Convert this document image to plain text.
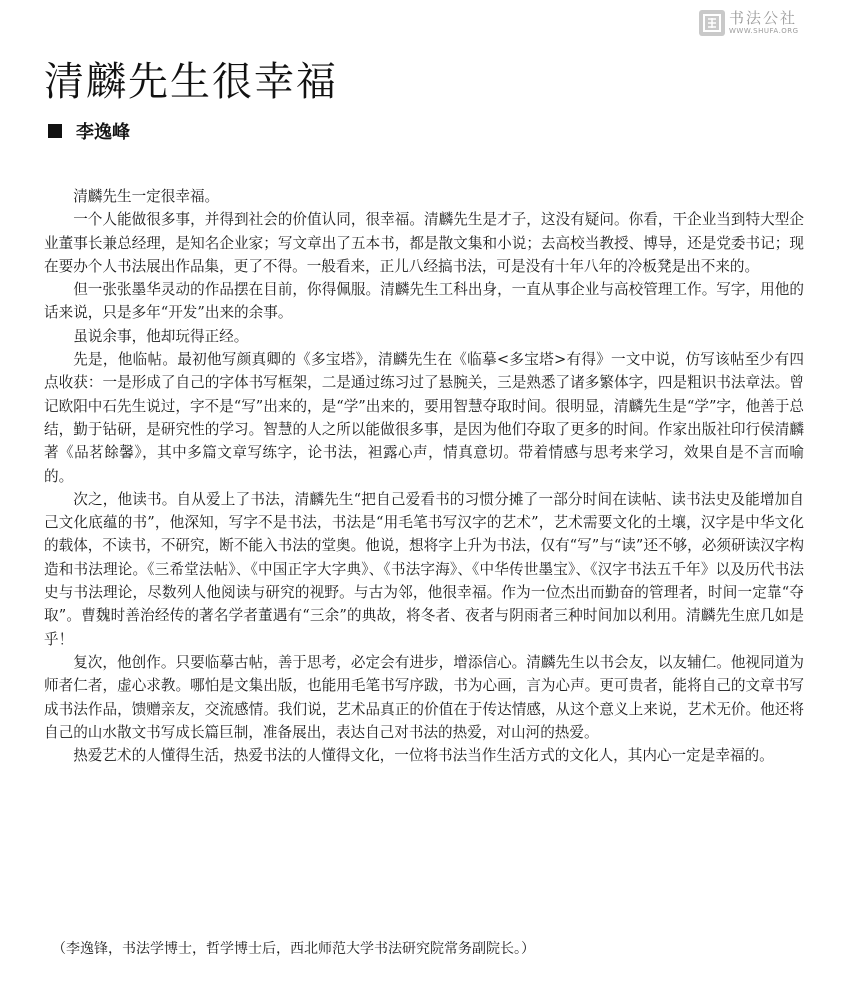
书法公社
WWW.SHUFA.ORG
清麟先生很幸福
李逸峰

清麟先生一定很幸福。

一个人能做很多事，并得到社会的价值认同，很幸福。清麟先生是才子，这没有疑问。你看，干企业当到特大型企业董事长兼总经理，是知名企业家；写文章出了五本书，都是散文集和小说；去高校当教授、博导，还是党委书记；现在要办个人书法展出作品集，更了不得。一般看来，正儿八经搞书法，可是没有十年八年的冷板凳是出不来的。

但一张张墨华灵动的作品摆在目前，你得佩服。清麟先生工科出身，一直从事企业与高校管理工作。写字，用他的话来说，只是多年“开发”出来的余事。

虽说余事，他却玩得正经。

先是，他临帖。最初他写颜真卿的《多宝塔》，清麟先生在《临摹<多宝塔>有得》一文中说，仿写该帖至少有四点收获：一是形成了自己的字体书写框架，二是通过练习过了悬腕关，三是熟悉了诸多繁体字，四是粗识书法章法。曾记欧阳中石先生说过，字不是“写”出来的，是“学”出来的，要用智慧夺取时间。很明显，清麟先生是“学”字，他善于总结，勤于钻研，是研究性的学习。智慧的人之所以能做很多事，是因为他们夺取了更多的时间。作家出版社印行侯清麟著《品茗餘馨》，其中多篇文章写练字，论书法，袒露心声，情真意切。带着情感与思考来学习，效果自是不言而喻的。

次之，他读书。自从爱上了书法，清麟先生“把自己爱看书的习惯分摊了一部分时间在读帖、读书法史及能增加自己文化底蕴的书”，他深知，写字不是书法，书法是“用毛笔书写汉字的艺术”，艺术需要文化的土壤，汉字是中华文化的载体，不读书，不研究，断不能入书法的堂奥。他说，想将字上升为书法，仅有“写”与“读”还不够，必须研读汉字构造和书法理论。《三希堂法帖》、《中国正字大字典》、《书法字海》、《中华传世墨宝》、《汉字书法五千年》以及历代书法史与书法理论，尽数列人他阅读与研究的视野。与古为邻，他很幸福。作为一位杰出而勤奋的管理者，时间一定靠“夺取”。曹魏时善治经传的著名学者董遇有“三余”的典故，将冬者、夜者与阴雨者三种时间加以利用。清麟先生庶几如是乎！

复次，他创作。只要临摹古帖，善于思考，必定会有进步，增添信心。清麟先生以书会友，以友辅仁。他视同道为师者仁者，虚心求教。哪怕是文集出版，也能用毛笔书写序跋，书为心画，言为心声。更可贵者，能将自己的文章书写成书法作品，馈赠亲友，交流感情。我们说，艺术品真正的价值在于传达情感，从这个意义上来说，艺术无价。他还将自己的山水散文书写成长篇巨制，准备展出，表达自己对书法的热爱，对山河的热爱。

热爱艺术的人懂得生活，热爱书法的人懂得文化，一位将书法当作生活方式的文化人，其内心一定是幸福的。

（李逸锋，书法学博士，哲学博士后，西北师范大学书法研究院常务副院长。）
